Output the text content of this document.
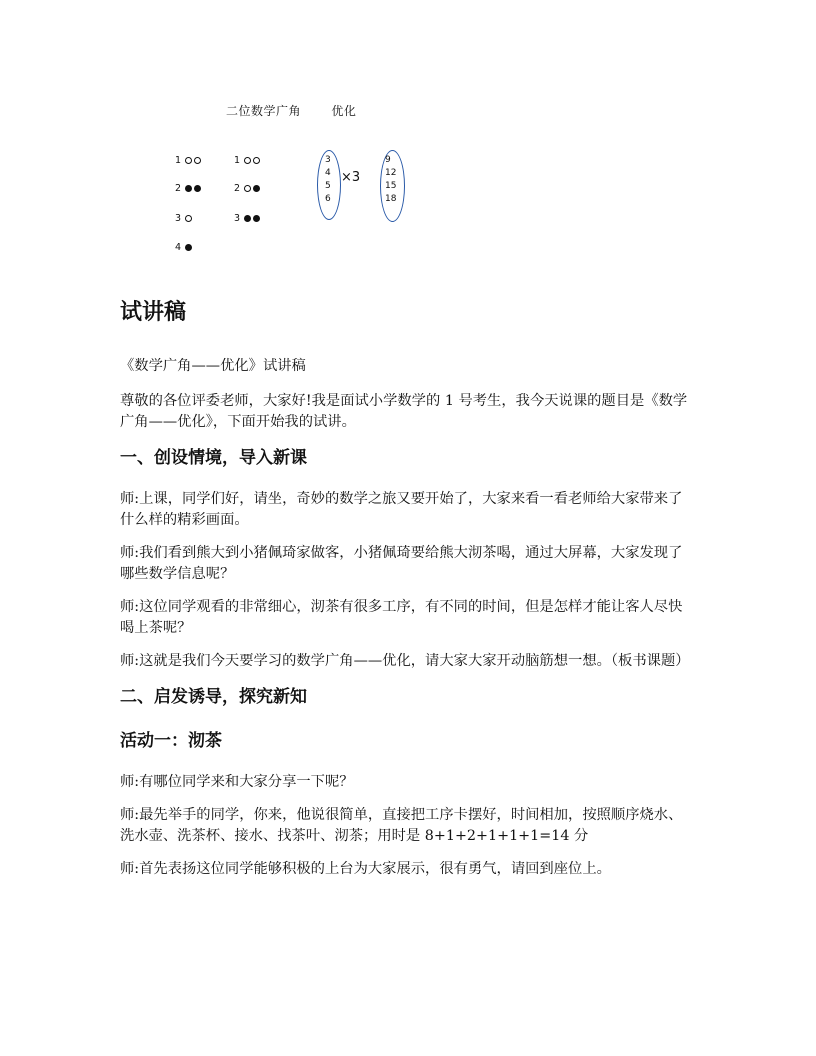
二位数学广角	优化
1
2
3
4
1
2
3
3
4
5
6
×3
9
12
15
18
试讲稿

《数学广角——优化》试讲稿

尊敬的各位评委老师，大家好!我是面试小学数学的 1 号考生，我今天说课的题目是《数学广角——优化》，下面开始我的试讲。

一、创设情境，导入新课

师:上课，同学们好，请坐，奇妙的数学之旅又要开始了，大家来看一看老师给大家带来了什么样的精彩画面。

师:我们看到熊大到小猪佩琦家做客，小猪佩琦要给熊大沏茶喝，通过大屏幕，大家发现了哪些数学信息呢？

师:这位同学观看的非常细心，沏茶有很多工序，有不同的时间，但是怎样才能让客人尽快喝上茶呢？

师:这就是我们今天要学习的数学广角——优化，请大家大家开动脑筋想一想。（板书课题）

二、启发诱导，探究新知
活动一：沏茶

师:有哪位同学来和大家分享一下呢？

师:最先举手的同学，你来，他说很简单，直接把工序卡摆好，时间相加，按照顺序烧水、洗水壶、洗茶杯、接水、找茶叶、沏茶；用时是 8+1+2+1+1+1=14 分

师:首先表扬这位同学能够积极的上台为大家展示，很有勇气，请回到座位上。
